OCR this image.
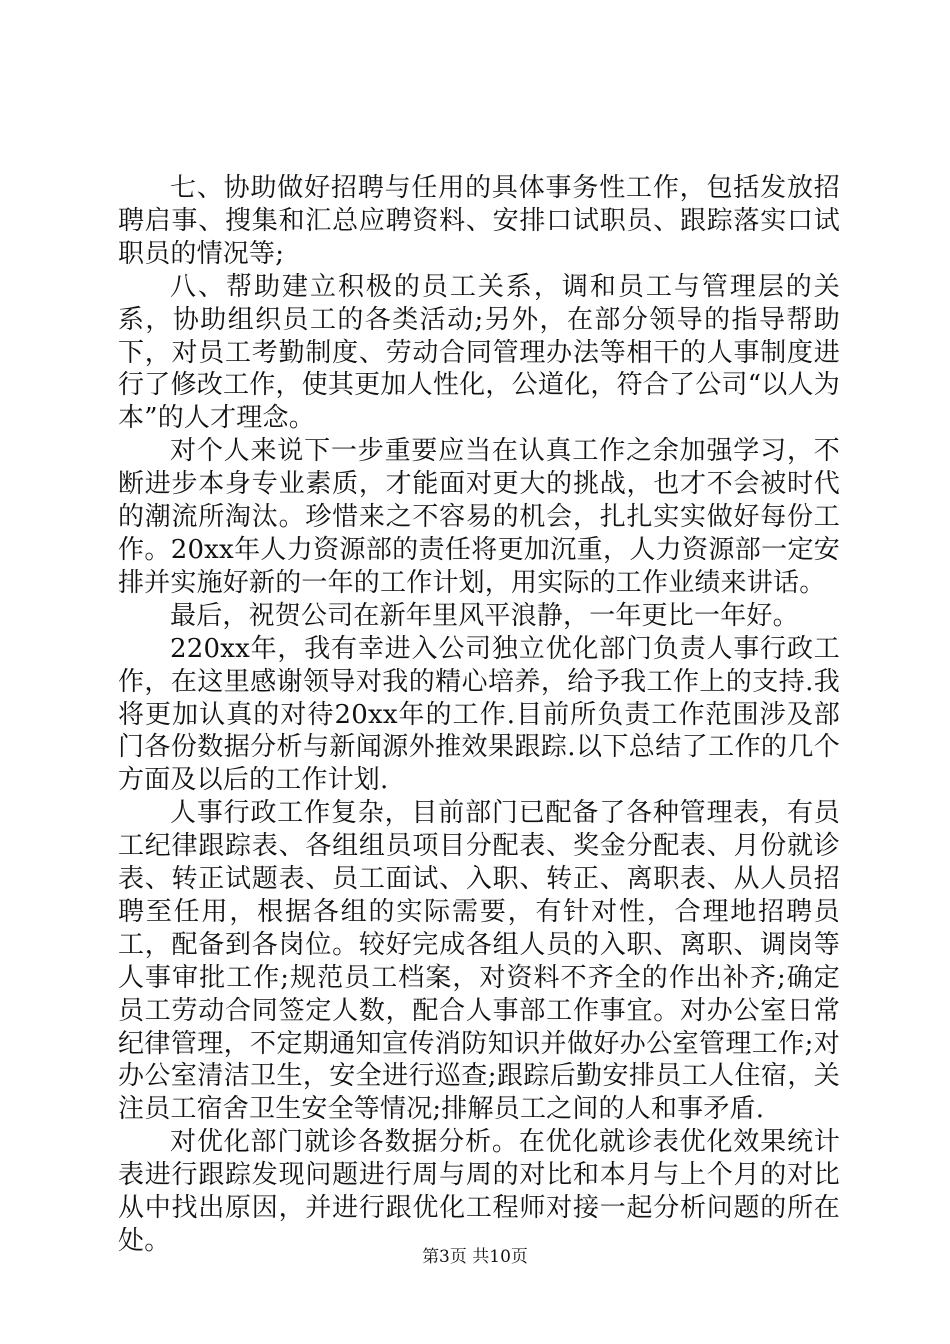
七、协助做好招聘与任用的具体事务性工作，包括发放招聘启事、搜集和汇总应聘资料、安排口试职员、跟踪落实口试职员的情况等;

八、帮助建立积极的员工关系，调和员工与管理层的关系，协助组织员工的各类活动;另外，在部分领导的指导帮助下，对员工考勤制度、劳动合同管理办法等相干的人事制度进行了修改工作，使其更加人性化，公道化，符合了公司“以人为本”的人才理念。

对个人来说下一步重要应当在认真工作之余加强学习，不断进步本身专业素质，才能面对更大的挑战，也才不会被时代的潮流所淘汰。珍惜来之不容易的机会，扎扎实实做好每份工作。20xx年人力资源部的责任将更加沉重，人力资源部一定安排并实施好新的一年的工作计划，用实际的工作业绩来讲话。

最后，祝贺公司在新年里风平浪静，一年更比一年好。

220xx年，我有幸进入公司独立优化部门负责人事行政工作，在这里感谢领导对我的精心培养，给予我工作上的支持.我将更加认真的对待20xx年的工作.目前所负责工作范围涉及部门各份数据分析与新闻源外推效果跟踪.以下总结了工作的几个方面及以后的工作计划.

人事行政工作复杂，目前部门已配备了各种管理表，有员工纪律跟踪表、各组组员项目分配表、奖金分配表、月份就诊表、转正试题表、员工面试、入职、转正、离职表、从人员招聘至任用，根据各组的实际需要，有针对性，合理地招聘员工，配备到各岗位。较好完成各组人员的入职、离职、调岗等人事审批工作;规范员工档案，对资料不齐全的作出补齐;确定员工劳动合同签定人数，配合人事部工作事宜。对办公室日常纪律管理，不定期通知宣传消防知识并做好办公室管理工作;对办公室清洁卫生，安全进行巡查;跟踪后勤安排员工人住宿，关注员工宿舍卫生安全等情况;排解员工之间的人和事矛盾.

对优化部门就诊各数据分析。在优化就诊表优化效果统计表进行跟踪发现问题进行周与周的对比和本月与上个月的对比从中找出原因，并进行跟优化工程师对接一起分析问题的所在处。

第3页 共10页
